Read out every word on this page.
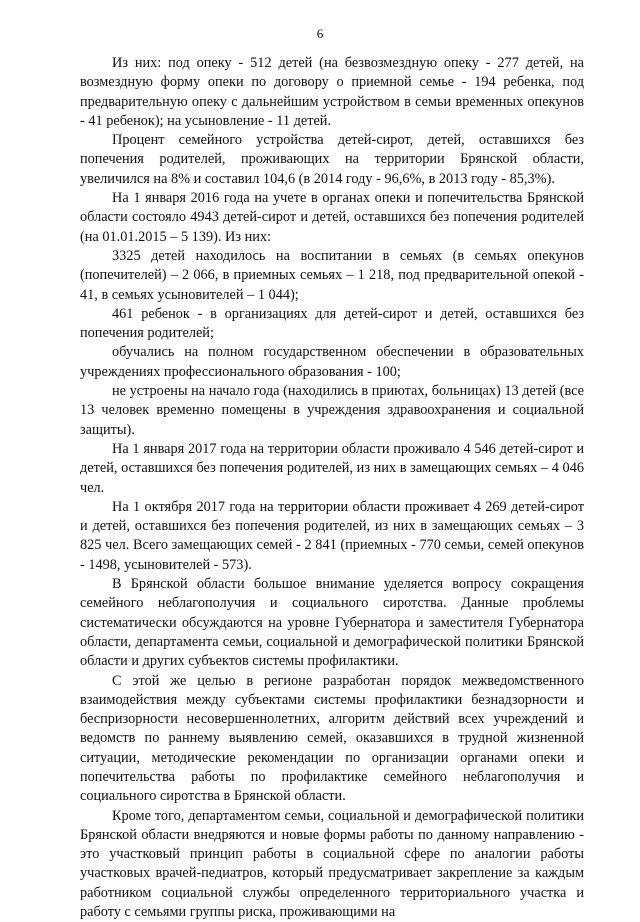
6

Из них: под опеку - 512 детей (на безвозмездную опеку - 277 детей, на возмездную форму опеки по договору о приемной семье - 194 ребенка, под предварительную опеку с дальнейшим устройством в семьи временных опекунов - 41 ребенок); на усыновление - 11 детей.

Процент семейного устройства детей-сирот, детей, оставшихся без попечения родителей, проживающих на территории Брянской области, увеличился на 8% и составил 104,6 (в 2014 году - 96,6%, в 2013 году - 85,3%).

На 1 января 2016 года на учете в органах опеки и попечительства Брянской области состояло 4943 детей-сирот и детей, оставшихся без попечения родителей (на 01.01.2015 – 5 139). Из них:

3325 детей находилось на воспитании в семьях (в семьях опекунов (попечителей) – 2 066, в приемных семьях – 1 218, под предварительной опекой - 41, в семьях усыновителей – 1 044);

461 ребенок - в организациях для детей-сирот и детей, оставшихся без попечения родителей;

обучались на полном государственном обеспечении в образовательных учреждениях профессионального образования - 100;

не устроены на начало года (находились в приютах, больницах) 13 детей (все 13 человек временно помещены в учреждения здравоохранения и социальной защиты).

На 1 января 2017 года на территории области проживало 4 546 детей-сирот и детей, оставшихся без попечения родителей, из них в замещающих семьях – 4 046 чел.

На 1 октября 2017 года на территории области проживает 4 269 детей-сирот и детей, оставшихся без попечения родителей, из них в замещающих семьях – 3 825 чел. Всего замещающих семей - 2 841 (приемных - 770 семьи, семей опекунов - 1498, усыновителей - 573).

В Брянской области большое внимание уделяется вопросу сокращения семейного неблагополучия и социального сиротства. Данные проблемы систематически обсуждаются на уровне Губернатора и заместителя Губернатора области, департамента семьи, социальной и демографической политики Брянской области и других субъектов системы профилактики.

С этой же целью в регионе разработан порядок межведомственного взаимодействия между субъектами системы профилактики безнадзорности и беспризорности несовершеннолетних, алгоритм действий всех учреждений и ведомств по раннему выявлению семей, оказавшихся в трудной жизненной ситуации, методические рекомендации по организации органами опеки и попечительства работы по профилактике семейного неблагополучия и социального сиротства в Брянской области.

Кроме того, департаментом семьи, социальной и демографической политики Брянской области внедряются и новые формы работы по данному направлению - это участковый принцип работы в социальной сфере по аналогии работы участковых врачей-педиатров, который предусматривает закрепление за каждым работником социальной службы определенного территориального участка и работу с семьями группы риска, проживающими на
